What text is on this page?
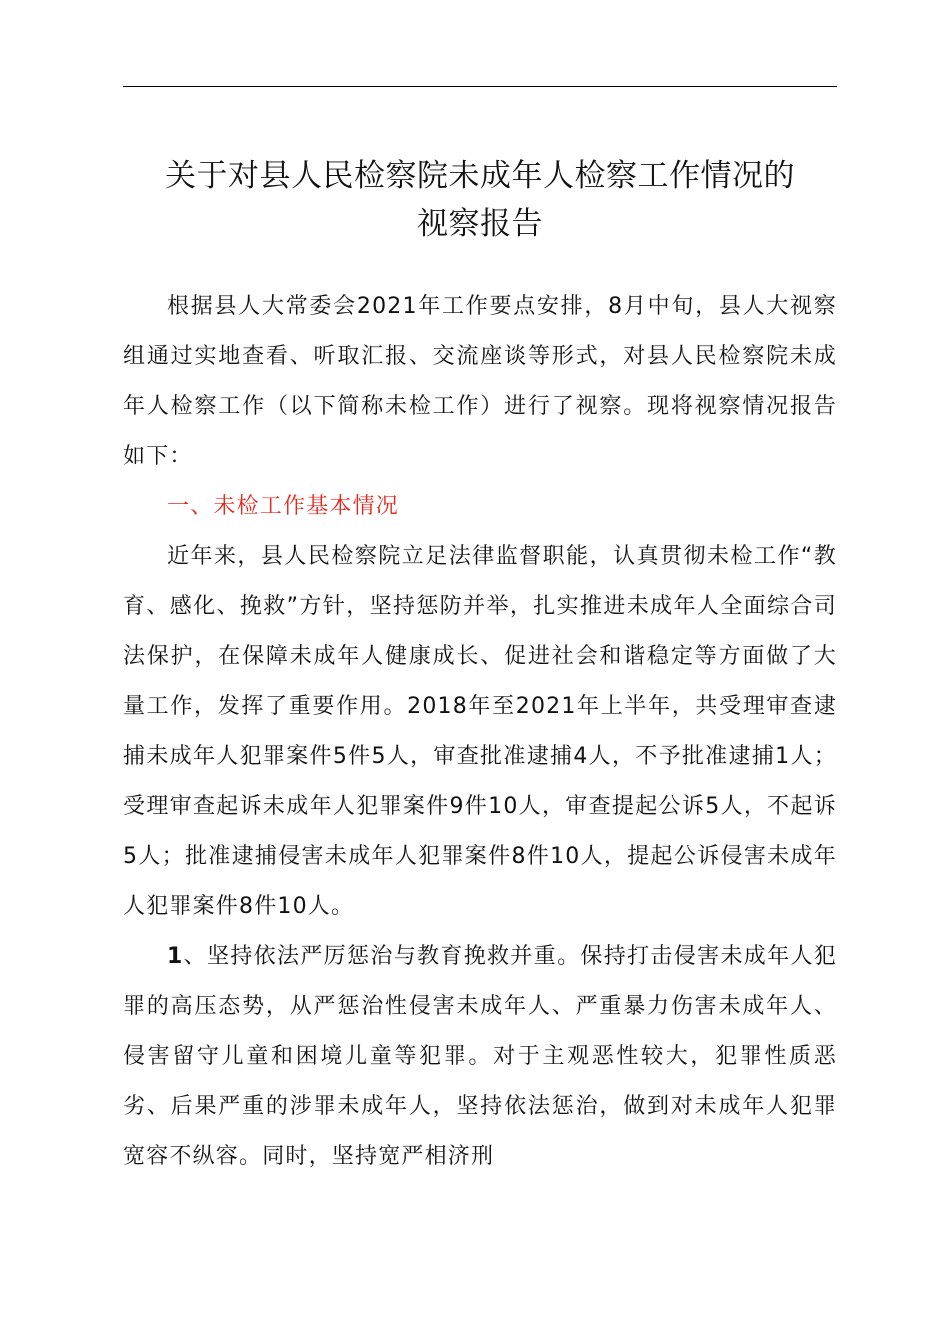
关于对县人民检察院未成年人检察工作情况的
视察报告

根据县人大常委会2021年工作要点安排，8月中旬，县人大视察组通过实地查看、听取汇报、交流座谈等形式，对县人民检察院未成年人检察工作（以下简称未检工作）进行了视察。现将视察情况报告如下：

一、未检工作基本情况

近年来，县人民检察院立足法律监督职能，认真贯彻未检工作“教育、感化、挽救”方针，坚持惩防并举，扎实推进未成年人全面综合司法保护，在保障未成年人健康成长、促进社会和谐稳定等方面做了大量工作，发挥了重要作用。2018年至2021年上半年，共受理审查逮捕未成年人犯罪案件5件5人，审查批准逮捕4人，不予批准逮捕1人；受理审查起诉未成年人犯罪案件9件10人，审查提起公诉5人，不起诉5人；批准逮捕侵害未成年人犯罪案件8件10人，提起公诉侵害未成年人犯罪案件8件10人。

1、坚持依法严厉惩治与教育挽救并重。保持打击侵害未成年人犯罪的高压态势，从严惩治性侵害未成年人、严重暴力伤害未成年人、侵害留守儿童和困境儿童等犯罪。对于主观恶性较大，犯罪性质恶劣、后果严重的涉罪未成年人，坚持依法惩治，做到对未成年人犯罪宽容不纵容。同时，坚持宽严相济刑
